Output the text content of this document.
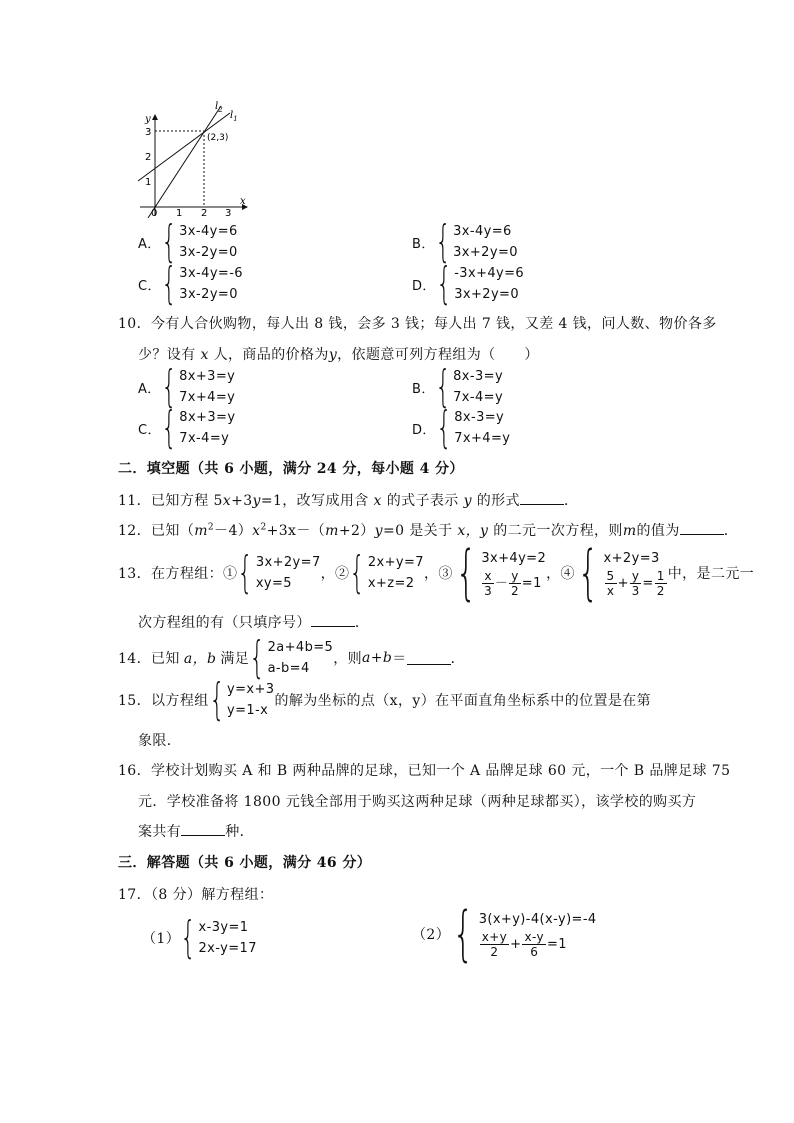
y
x
3
2
1
0 1 2 3
(2,3)
$l_2$ $l_1$
A． { 3x-4y=6
3x-2y=0
B． { 3x-4y=6
3x+2y=0
C． { 3x-4y=-6
3x-2y=0
D． { -3x+4y=6
3x+2y=0
10．今有人合伙购物，每人出 8 钱，会多 3 钱；每人出 7 钱，又差 4 钱，问人数、物价各多
少？设有 x 人，商品的价格为y，依题意可列方程组为（　　）
A． { 8x+3=y
7x+4=y
B． { 8x-3=y
7x-4=y
C． { 8x+3=y
7x-4=y
D． { 8x-3=y
7x+4=y
二．填空题（共 6 小题，满分 24 分，每小题 4 分）
11．已知方程 5x+3y=1，改写成用含 x 的式子表示 y 的形式	．
12．已知$(m^2-4)x^2+3x-(m+2)y=0$ 是关于 x，y 的二元一次方程，则m的值为	．
13．在方程组：① { 3x+2y=7
xy=5
，② { 2x+y=7
x+z=2
，③ { 3x+4y=2
$\frac{x}{3} - \frac{y}{2} =1$
，④ { x+2y=3
$\frac{5}{x} + \frac{y}{3} = \frac{1}{2}$ 中，是二元一
次方程组的有（只填序号）	．
14．已知 a，b 满足 { 2a+4b=5
a-b=4
，则 a+b ＝	．
15．以方程组 { y=x+3
y=1-x
的解为坐标的点（x，y）在平面直角坐标系中的位置是在第
象限．
16．学校计划购买 A 和 B 两种品牌的足球，已知一个 A 品牌足球 60 元，一个 B 品牌足球 75
元．学校准备将 1800 元钱全部用于购买这两种足球（两种足球都买），该学校的购买方
案共有	种．
三．解答题（共 6 小题，满分 46 分）
17．（8 分）解方程组：
（1） { x-3y=1
2x-y=17
（2） { 3(x+y)-4(x-y)=-4
$\frac{x+y}{2} + \frac{x-y}{6} =1$
